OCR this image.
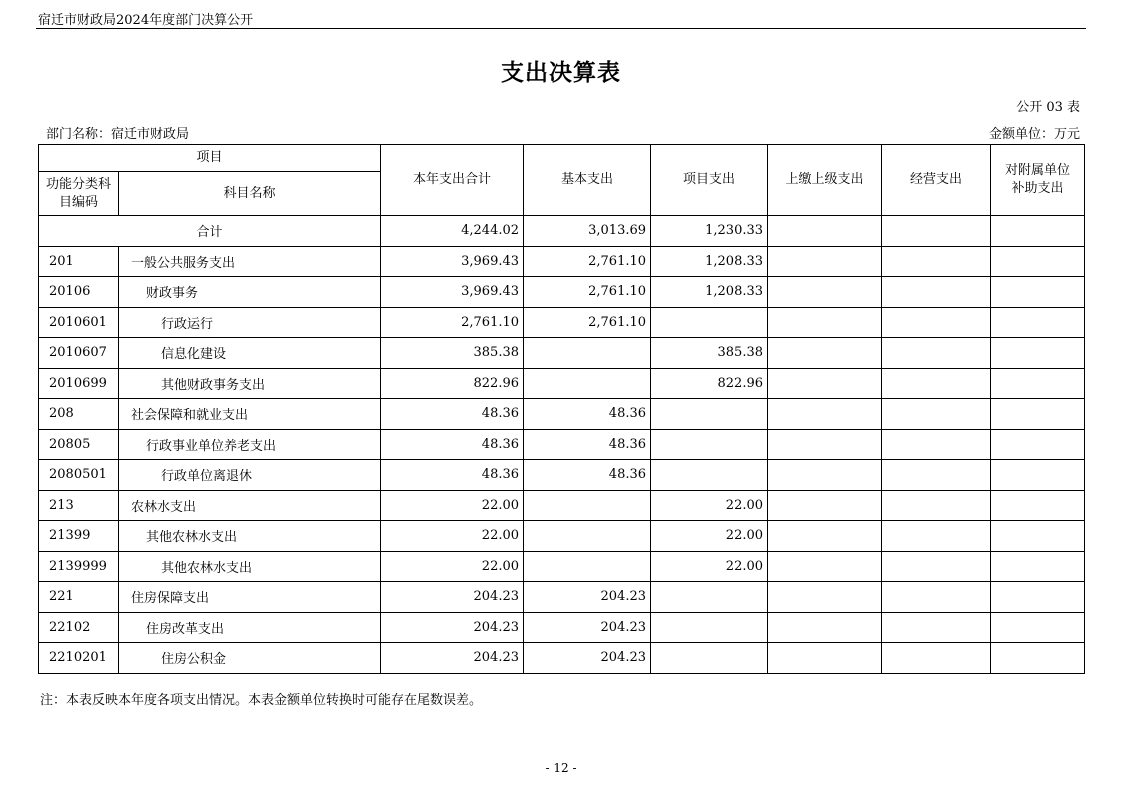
宿迁市财政局2024年度部门决算公开
支出决算表
公开 03 表
部门名称：宿迁市财政局	金额单位：万元
项目		本年支出合计	基本支出	项目支出	上缴上级支出	经营支出	对附属单位补助支出
功能分类科目编码	科目名称						
合计		4,244.02	3,013.69	1,230.33			
201	一般公共服务支出	3,969.43	2,761.10	1,208.33			
20106	财政事务	3,969.43	2,761.10	1,208.33			
2010601	行政运行	2,761.10	2,761.10				
2010607	信息化建设	385.38		385.38			
2010699	其他财政事务支出	822.96		822.96			
208	社会保障和就业支出	48.36	48.36				
20805	行政事业单位养老支出	48.36	48.36				
2080501	行政单位离退休	48.36	48.36				
213	农林水支出	22.00		22.00			
21399	其他农林水支出	22.00		22.00			
2139999	其他农林水支出	22.00		22.00			
221	住房保障支出	204.23	204.23				
22102	住房改革支出	204.23	204.23				
2210201	住房公积金	204.23	204.23				
注：本表反映本年度各项支出情况。本表金额单位转换时可能存在尾数误差。
- 12 -
